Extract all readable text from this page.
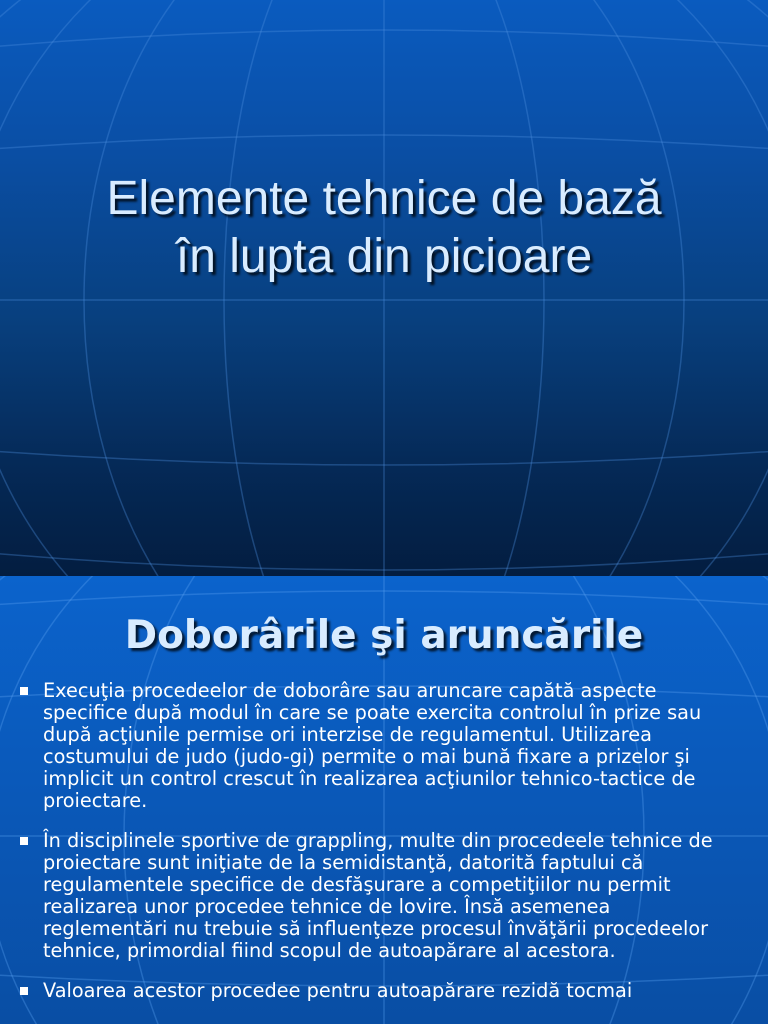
Elemente tehnice de bază
în lupta din picioare
Doborârile şi aruncările
Execuţia procedeelor de doborâre sau aruncare capătă aspecte specifice după modul în care se poate exercita controlul în prize sau după acţiunile permise ori interzise de regulamentul. Utilizarea costumului de judo (judo-gi) permite o mai bună fixare a prizelor şi implicit un control crescut în realizarea acţiunilor tehnico-tactice de proiectare.
În disciplinele sportive de grappling, multe din procedeele tehnice de proiectare sunt iniţiate de la semidistanţă, datorită faptului că regulamentele specifice de desfăşurare a competiţiilor nu permit realizarea unor procedee tehnice de lovire. Însă asemenea reglementări nu trebuie să influenţeze procesul învăţării procedeelor tehnice, primordial fiind scopul de autoapărare al acestora.
Valoarea acestor procedee pentru autoapărare rezidă tocmai
